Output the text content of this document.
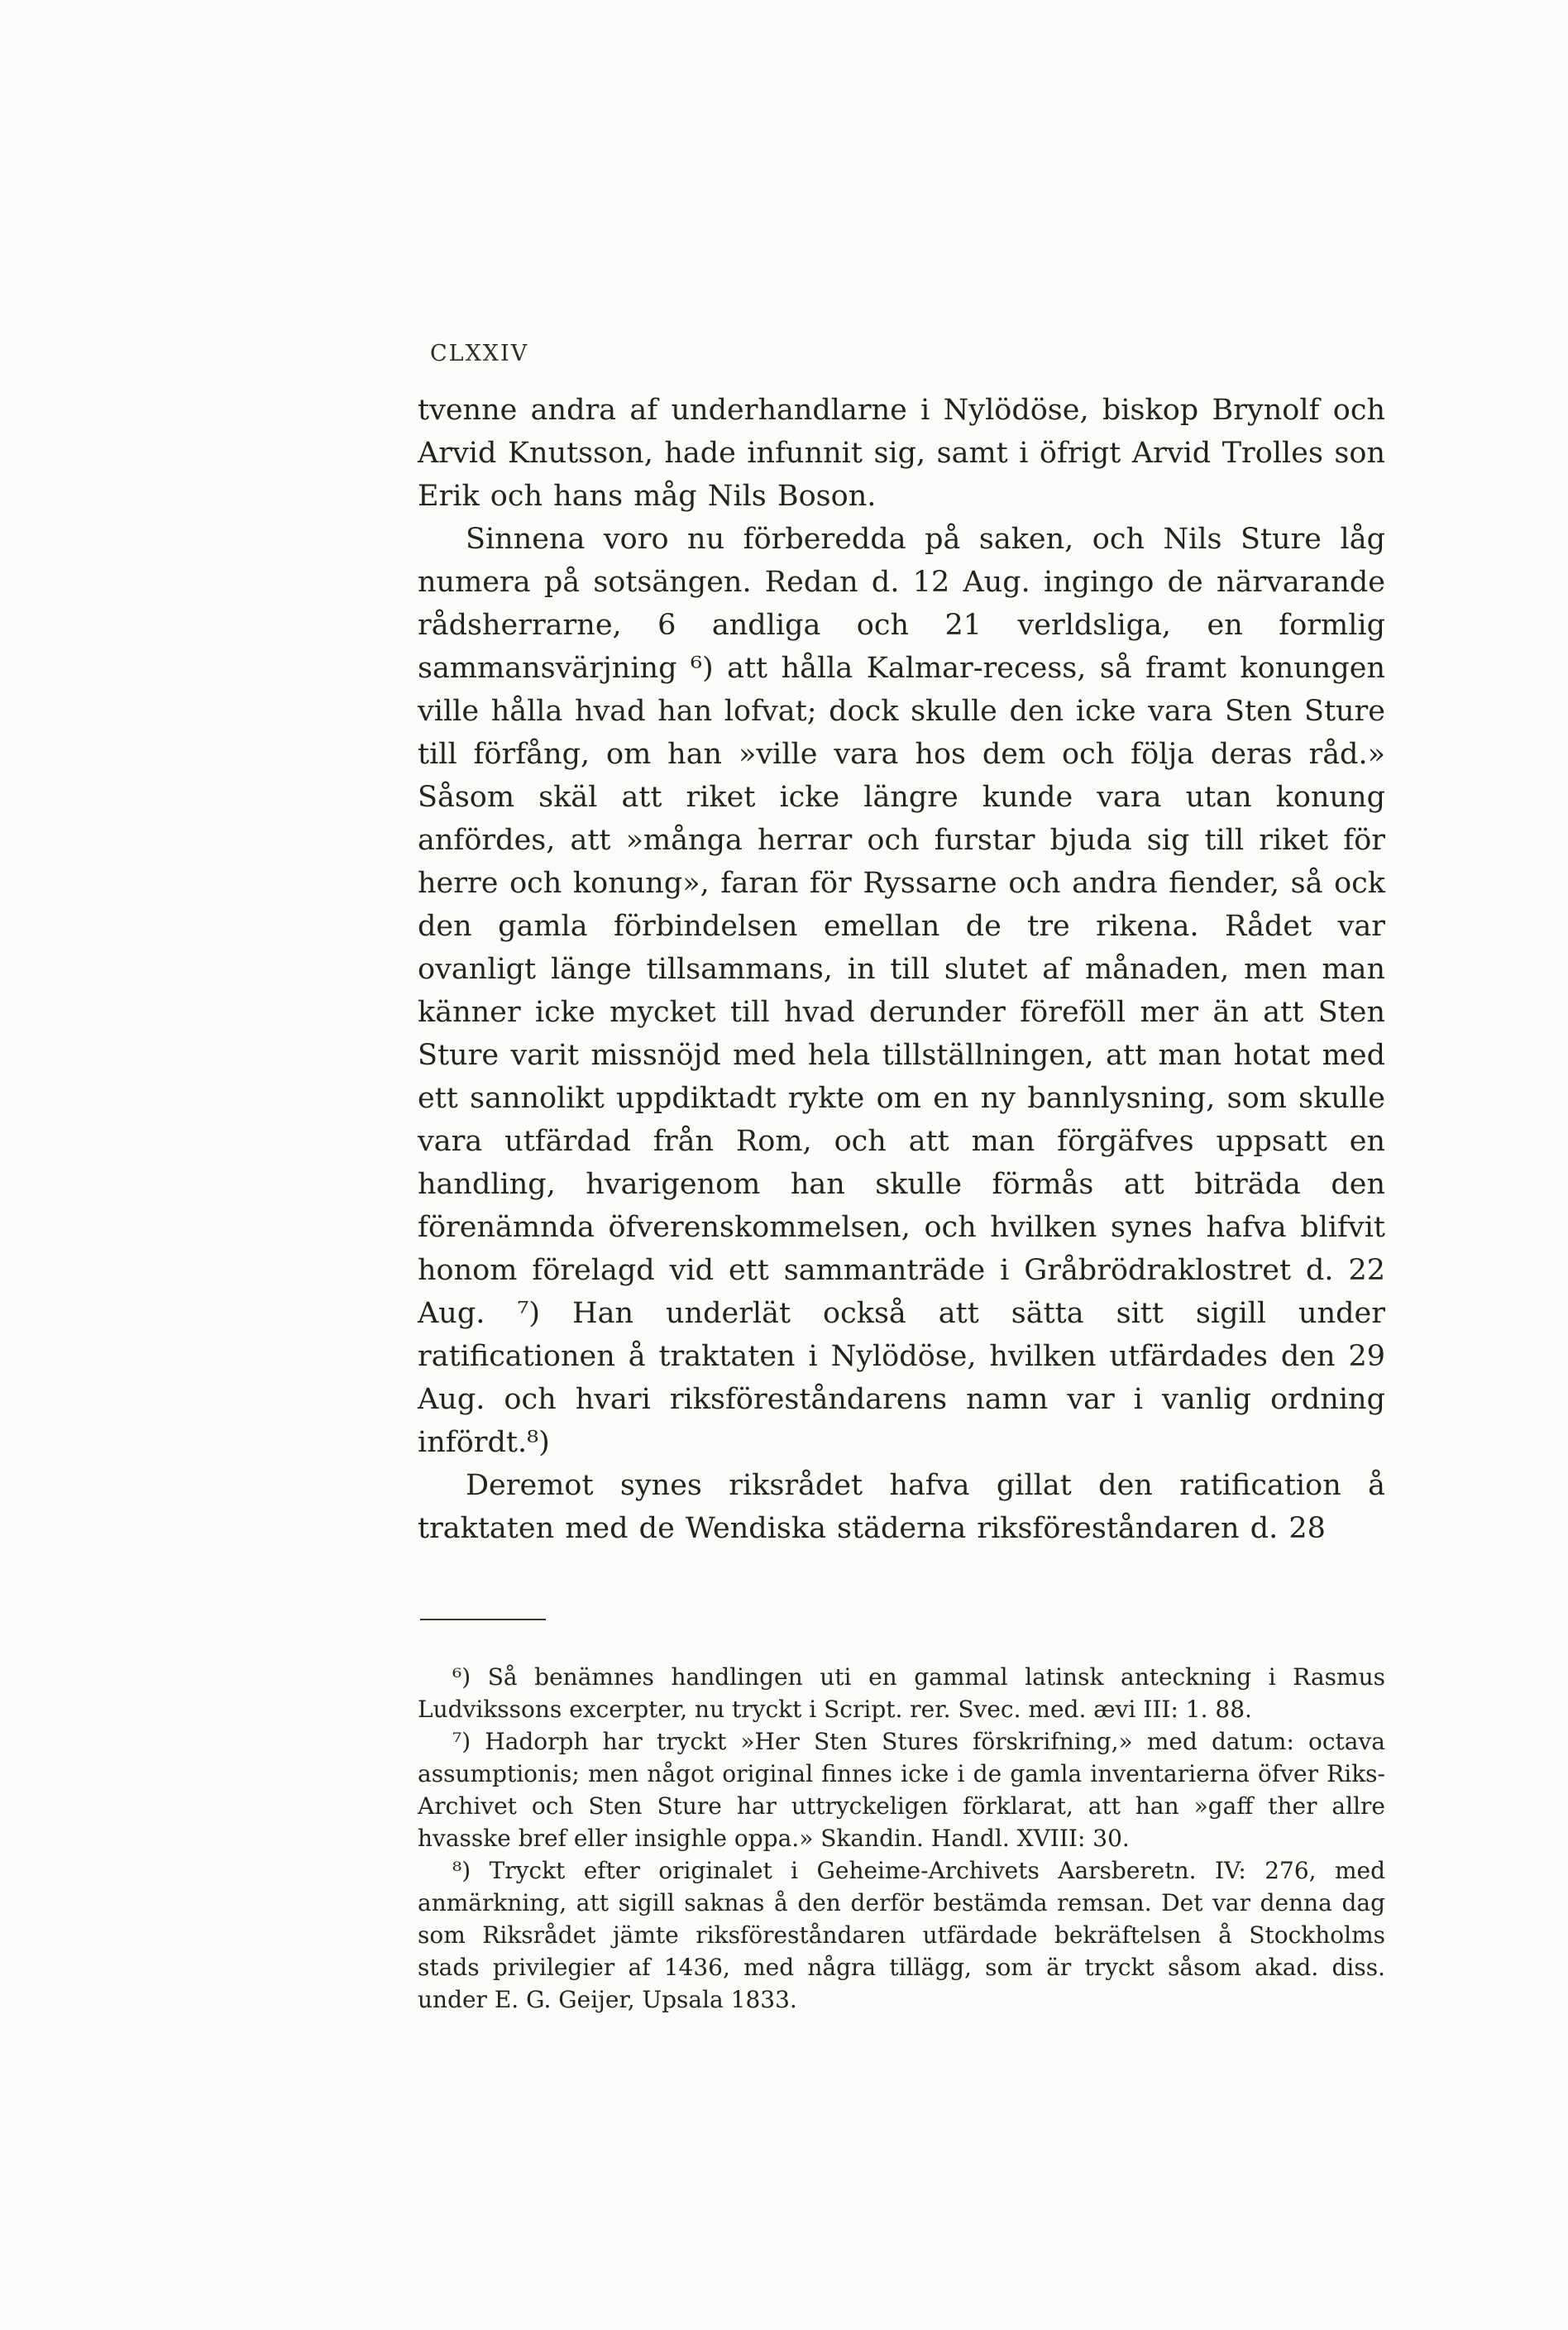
CLXXIV

tvenne andra af underhandlarne i Nylödöse, biskop Brynolf och Arvid Knutsson, hade infunnit sig, samt i öfrigt Arvid Trolles son Erik och hans måg Nils Boson.

Sinnena voro nu förberedda på saken, och Nils Sture låg numera på sotsängen. Redan d. 12 Aug. ingingo de närvarande rådsherrarne, 6 andliga och 21 verldsliga, en formlig sammansvärjning ⁶) att hålla Kalmar-recess, så framt konungen ville hålla hvad han lofvat; dock skulle den icke vara Sten Sture till förfång, om han »ville vara hos dem och följa deras råd.» Såsom skäl att riket icke längre kunde vara utan konung anfördes, att »många herrar och furstar bjuda sig till riket för herre och konung», faran för Ryssarne och andra fiender, så ock den gamla förbindelsen emellan de tre rikena. Rådet var ovanligt länge tillsammans, in till slutet af månaden, men man känner icke mycket till hvad derunder föreföll mer än att Sten Sture varit missnöjd med hela tillställningen, att man hotat med ett sannolikt uppdiktadt rykte om en ny bannlysning, som skulle vara utfärdad från Rom, och att man förgäfves uppsatt en handling, hvarigenom han skulle förmås att biträda den förenämnda öfverenskommelsen, och hvilken synes hafva blifvit honom förelagd vid ett sammanträde i Gråbrödraklostret d. 22 Aug. ⁷) Han underlät också att sätta sitt sigill under ratificationen å traktaten i Nylödöse, hvilken utfärdades den 29 Aug. och hvari riksföreståndarens namn var i vanlig ordning infördt.⁸)

Deremot synes riksrådet hafva gillat den ratification å traktaten med de Wendiska städerna riksföreståndaren d. 28

⁶) Så benämnes handlingen uti en gammal latinsk anteckning i Rasmus Ludvikssons excerpter, nu tryckt i Script. rer. Svec. med. ævi III: 1. 88.

⁷) Hadorph har tryckt »Her Sten Stures förskrifning,» med datum: octava assumptionis; men något original finnes icke i de gamla inventarierna öfver Riks-Archivet och Sten Sture har uttryckeligen förklarat, att han »gaff ther allre hvasske bref eller insighle oppa.» Skandin. Handl. XVIII: 30.

⁸) Tryckt efter originalet i Geheime-Archivets Aarsberetn. IV: 276, med anmärkning, att sigill saknas å den derför bestämda remsan. Det var denna dag som Riksrådet jämte riksföreståndaren utfärdade bekräftelsen å Stockholms stads privilegier af 1436, med några tillägg, som är tryckt såsom akad. diss. under E. G. Geijer, Upsala 1833.
